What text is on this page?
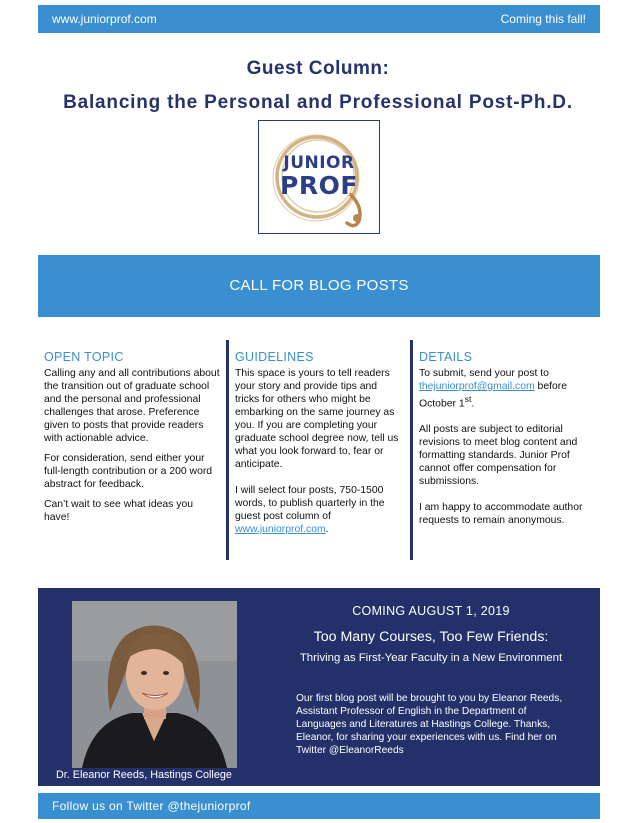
www.juniorprof.com	Coming this fall!
Guest Column:
Balancing the Personal and Professional Post-Ph.D.
JUNIOR
PROF
CALL FOR BLOG POSTS
OPEN TOPIC

Calling any and all contributions about the transition out of graduate school and the personal and professional challenges that arose. Preference given to posts that provide readers with actionable advice.

For consideration, send either your full-length contribution or a 200 word abstract for feedback.

Can’t wait to see what ideas you have!

GUIDELINES

This space is yours to tell readers your story and provide tips and tricks for others who might be embarking on the same journey as you. If you are completing your graduate school degree now, tell us what you look forward to, fear or anticipate.

I will select four posts, 750-1500 words, to publish quarterly in the guest post column of www.juniorprof.com.

DETAILS

To submit, send your post to thejuniorprof@gmail.com before October 1st.

All posts are subject to editorial revisions to meet blog content and formatting standards. Junior Prof cannot offer compensation for submissions.

I am happy to accommodate author requests to remain anonymous.

Dr. Eleanor Reeds, Hastings College
COMING AUGUST 1, 2019
Too Many Courses, Too Few Friends:
Thriving as First-Year Faculty in a New Environment
Our first blog post will be brought to you by Eleanor Reeds, Assistant Professor of English in the Department of Languages and Literatures at Hastings College. Thanks, Eleanor, for sharing your experiences with us. Find her on Twitter @EleanorReeds
Follow us on Twitter @thejuniorprof
